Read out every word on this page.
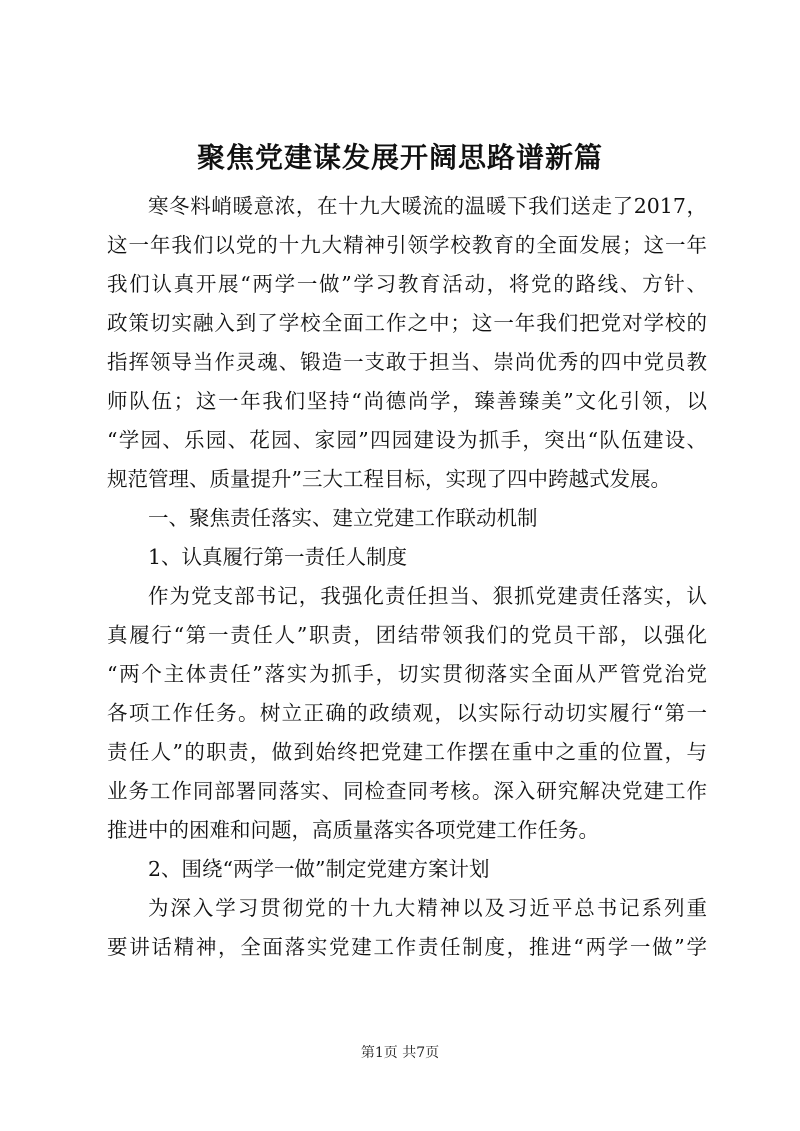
聚焦党建谋发展开阔思路谱新篇
寒冬料峭暖意浓，在十九大暖流的温暖下我们送走了2017，
这一年我们以党的十九大精神引领学校教育的全面发展；这一年
我们认真开展“两学一做”学习教育活动，将党的路线、方针、
政策切实融入到了学校全面工作之中；这一年我们把党对学校的
指挥领导当作灵魂、锻造一支敢于担当、崇尚优秀的四中党员教
师队伍；这一年我们坚持“尚德尚学，臻善臻美”文化引领，以
“学园、乐园、花园、家园”四园建设为抓手，突出“队伍建设、
规范管理、质量提升”三大工程目标，实现了四中跨越式发展。
一、聚焦责任落实、建立党建工作联动机制
1、认真履行第一责任人制度
作为党支部书记，我强化责任担当、狠抓党建责任落实，认
真履行“第一责任人”职责，团结带领我们的党员干部，以强化
“两个主体责任”落实为抓手，切实贯彻落实全面从严管党治党
各项工作任务。树立正确的政绩观，以实际行动切实履行“第一
责任人”的职责，做到始终把党建工作摆在重中之重的位置，与
业务工作同部署同落实、同检查同考核。深入研究解决党建工作
推进中的困难和问题，高质量落实各项党建工作任务。
2、围绕“两学一做”制定党建方案计划
为深入学习贯彻党的十九大精神以及习近平总书记系列重
要讲话精神，全面落实党建工作责任制度，推进“两学一做”学
第1页 共7页
